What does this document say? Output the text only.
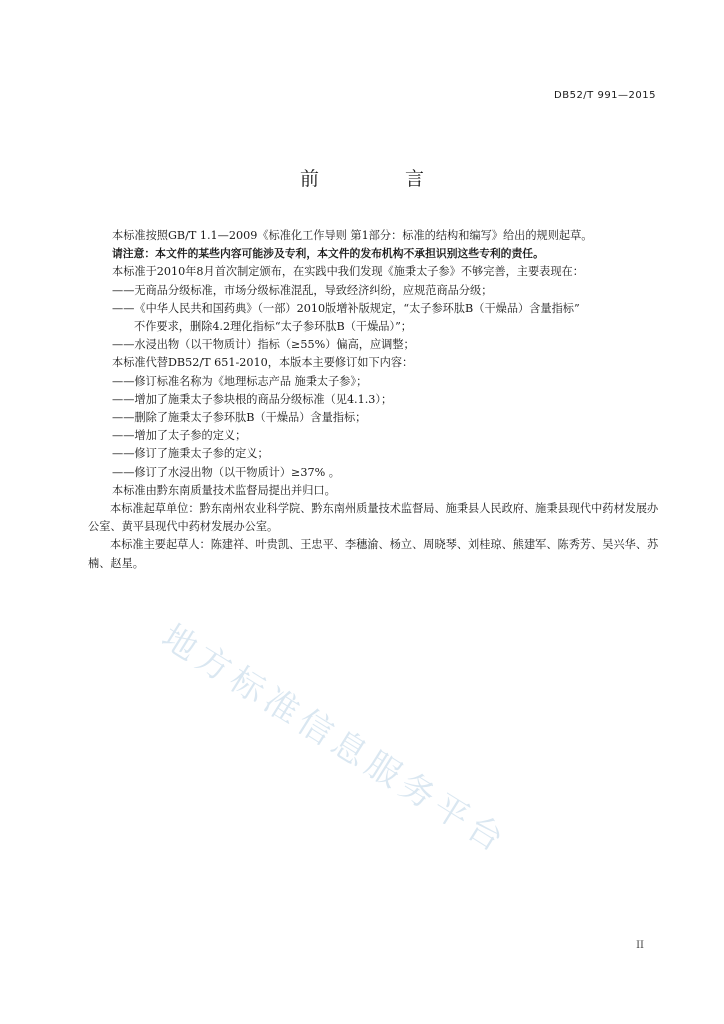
DB52/T 991—2015
前 言
本标准按照GB/T 1.1—2009《标准化工作导则 第1部分：标准的结构和编写》给出的规则起草。
请注意：本文件的某些内容可能涉及专利，本文件的发布机构不承担识别这些专利的责任。
本标准于2010年8月首次制定颁布，在实践中我们发现《施秉太子参》不够完善，主要表现在：
——无商品分级标准，市场分级标准混乱，导致经济纠纷，应规范商品分级；
——《中华人民共和国药典》（一部）2010版增补版规定，“太子参环肽B（干燥品）含量指标”
不作要求，删除4.2理化指标“太子参环肽B（干燥品）”；
——水浸出物（以干物质计）指标（≥55%）偏高，应调整；
本标准代替DB52/T 651-2010，本版本主要修订如下内容：
——修订标准名称为《地理标志产品 施秉太子参》；
——增加了施秉太子参块根的商品分级标准（见4.1.3）；
——删除了施秉太子参环肽B（干燥品）含量指标；
——增加了太子参的定义；
——修订了施秉太子参的定义；
——修订了水浸出物（以干物质计）≥37% 。
本标准由黔东南质量技术监督局提出并归口。
本标准起草单位：黔东南州农业科学院、黔东南州质量技术监督局、施秉县人民政府、施秉县现代中药材发展办公室、黄平县现代中药材发展办公室。
本标准主要起草人：陈建祥、叶贵凯、王忠平、李穗渝、杨立、周晓琴、刘桂琼、熊建军、陈秀芳、吴兴华、苏楠、赵星。
地方标准信息服务平台
II
